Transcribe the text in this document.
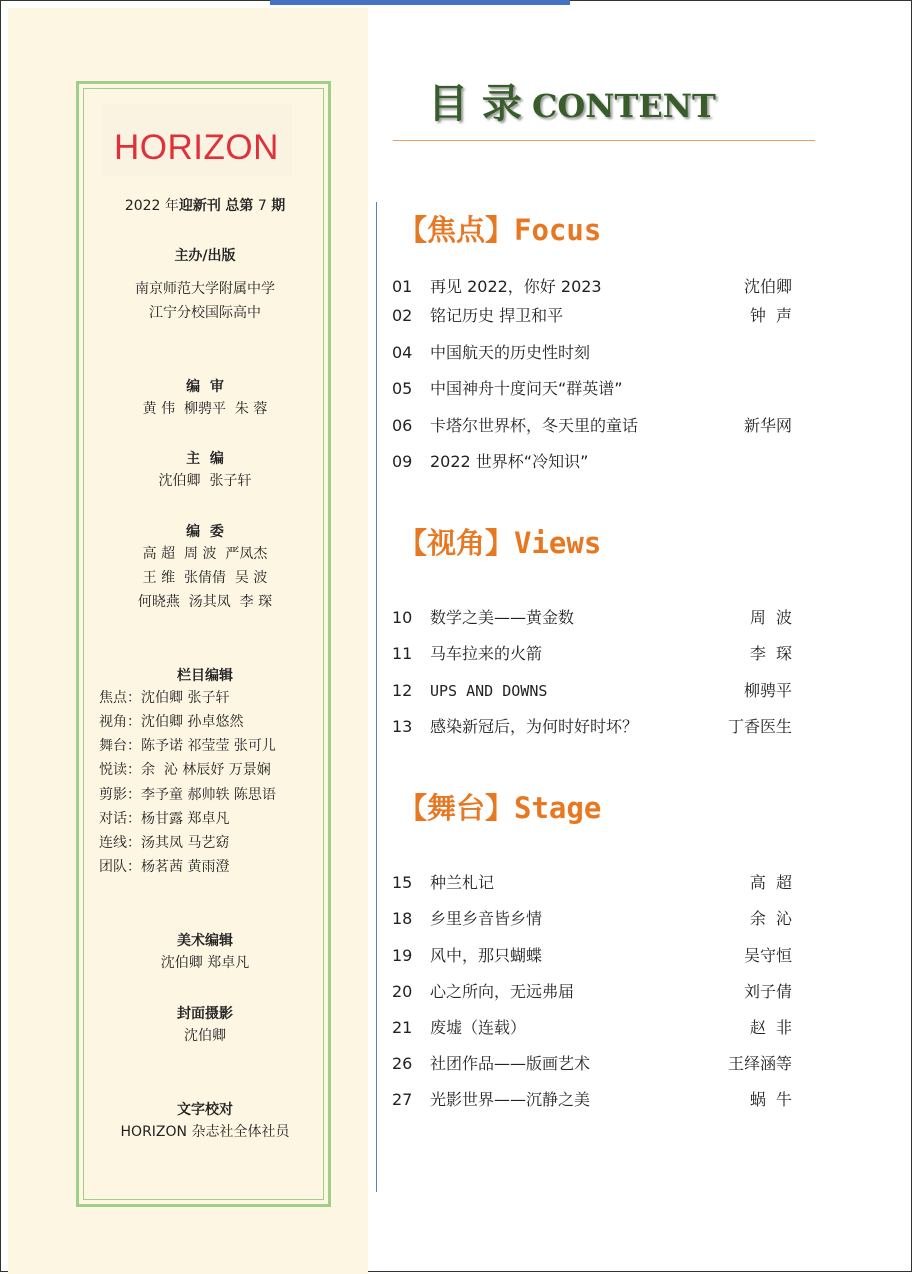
HORIZON
2022 年迎新刊 总第 7 期
主办/出版
南京师范大学附属中学
江宁分校国际高中
编  审
黄 伟  柳骋平  朱 蓉
主  编
沈伯卿  张子轩
编  委
高 超  周 波  严凤杰
王 维  张倩倩  吴 波
何晓燕  汤其凤  李 琛
栏目编辑
焦点：沈伯卿 张子轩
视角：沈伯卿 孙卓悠然
舞台：陈予诺 祁莹莹 张可儿
悦读：余  沁 林辰妤 万景娴
剪影：李予童 郝帅轶 陈思语
对话：杨甘露 郑卓凡
连线：汤其凤 马艺窈
团队：杨茗茜 黄雨澄
美术编辑
沈伯卿 郑卓凡
封面摄影
沈伯卿
文字校对
HORIZON 杂志社全体社员
目 录 CONTENT
【焦点】Focus
01	再见 2022，你好 2023	沈伯卿
02	铭记历史 捍卫和平	钟  声
04	中国航天的历史性时刻
05	中国神舟十度问天“群英谱”
06	卡塔尔世界杯，冬天里的童话	新华网
09	2022 世界杯“冷知识”
【视角】Views
10	数学之美——黄金数	周  波
11	马车拉来的火箭	李  琛
12	UPS AND DOWNS	柳骋平
13	感染新冠后，为何时好时坏？	丁香医生
【舞台】Stage
15	种兰札记	高  超
18	乡里乡音皆乡情	余  沁
19	风中，那只蝴蝶	吴守恒
20	心之所向，无远弗届	刘子倩
21	废墟（连载）	赵  非
26	社团作品——版画艺术	王绎涵等
27	光影世界——沉静之美	蜗  牛
